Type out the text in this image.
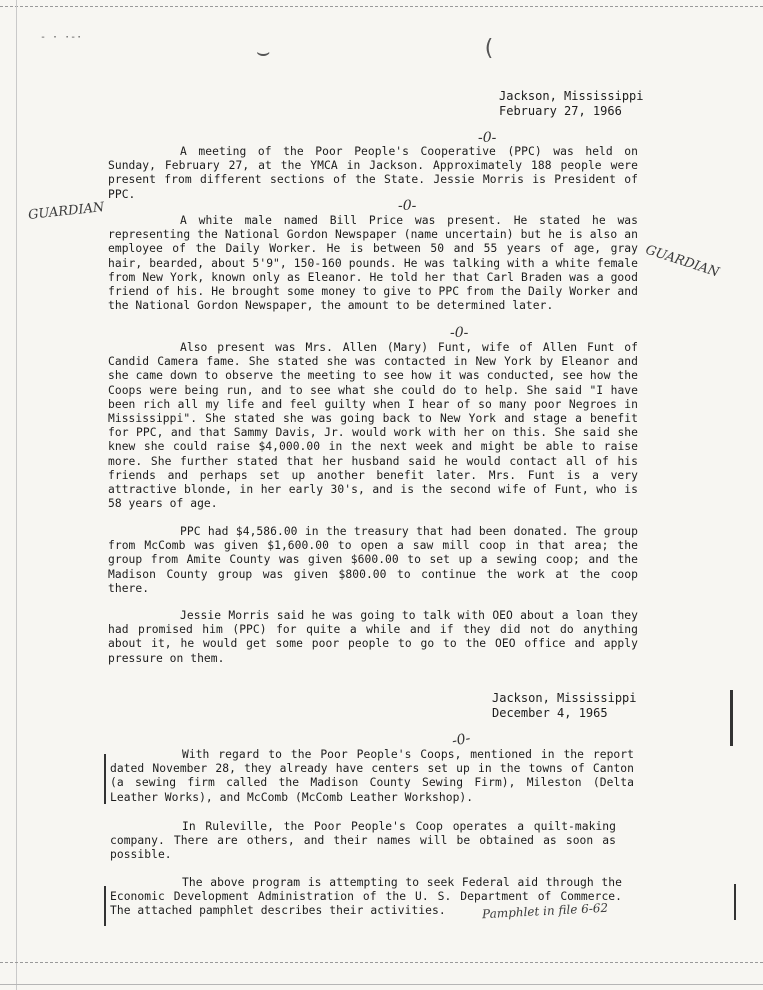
- · ·-·
⌣	(
Jackson, Mississippi
February 27, 1966
-0-
A meeting of the Poor People's Cooperative (PPC) was held on Sunday, February 27, at the YMCA in Jackson. Approximately 188 people were present from different sections of the State. Jessie Morris is President of PPC.
GUARDIAN	-0-
A white male named Bill Price was present. He stated he was representing the National Gordon Newspaper (name uncertain) but he is also an employee of the Daily Worker. He is between 50 and 55 years of age, gray hair, bearded, about 5'9", 150-160 pounds. He was talking with a white female from New York, known only as Eleanor. He told her that Carl Braden was a good friend of his. He brought some money to give to PPC from the Daily Worker and the National Gordon Newspaper, the amount to be determined later.
GUARDIAN
-0-
Also present was Mrs. Allen (Mary) Funt, wife of Allen Funt of Candid Camera fame. She stated she was contacted in New York by Eleanor and she came down to observe the meeting to see how it was conducted, see how the Coops were being run, and to see what she could do to help. She said "I have been rich all my life and feel guilty when I hear of so many poor Negroes in Mississippi". She stated she was going back to New York and stage a benefit for PPC, and that Sammy Davis, Jr. would work with her on this. She said she knew she could raise $4,000.00 in the next week and might be able to raise more. She further stated that her husband said he would contact all of his friends and perhaps set up another benefit later. Mrs. Funt is a very attractive blonde, in her early 30's, and is the second wife of Funt, who is 58 years of age.
PPC had $4,586.00 in the treasury that had been donated. The group from McComb was given $1,600.00 to open a saw mill coop in that area; the group from Amite County was given $600.00 to set up a sewing coop; and the Madison County group was given $800.00 to continue the work at the coop there.
Jessie Morris said he was going to talk with OEO about a loan they had promised him (PPC) for quite a while and if they did not do anything about it, he would get some poor people to go to the OEO office and apply pressure on them.
Jackson, Mississippi
December 4, 1965
-0-
With regard to the Poor People's Coops, mentioned in the report dated November 28, they already have centers set up in the towns of Canton (a sewing firm called the Madison County Sewing Firm), Mileston (Delta Leather Works), and McComb (McComb Leather Workshop).
In Ruleville, the Poor People's Coop operates a quilt-making company. There are others, and their names will be obtained as soon as possible.
The above program is attempting to seek Federal aid through the Economic Development Administration of the U. S. Department of Commerce. The attached pamphlet describes their activities.	Pamphlet in file 6-62
